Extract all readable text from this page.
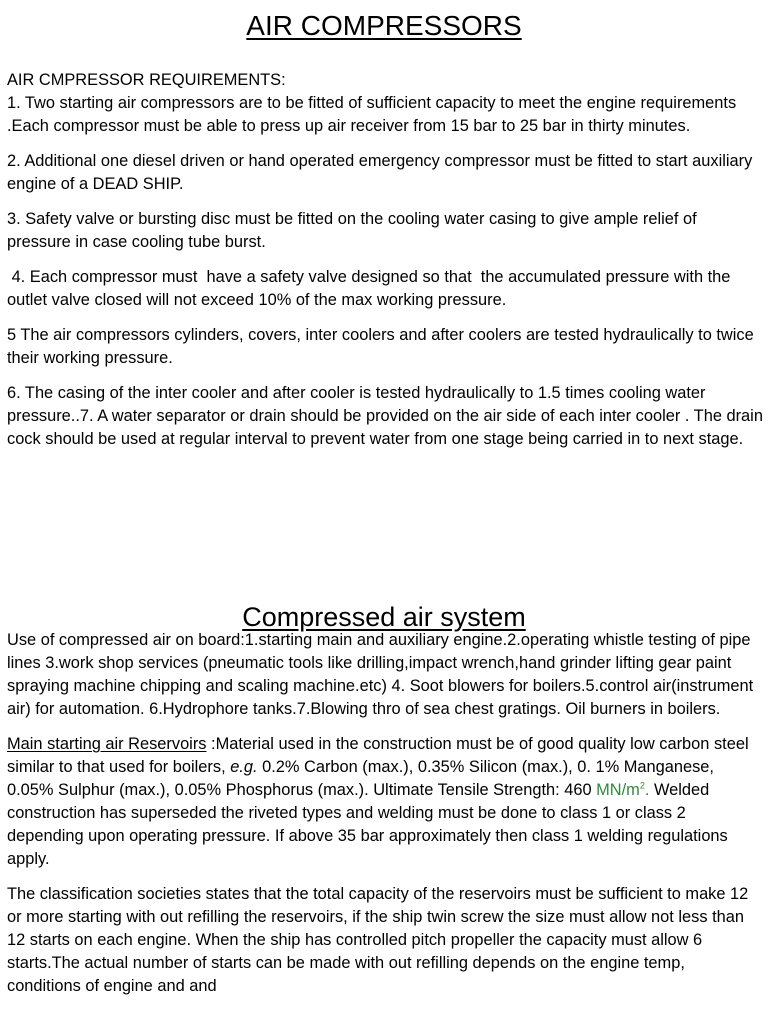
AIR COMPRESSORS

AIR CMPRESSOR REQUIREMENTS:
1. Two starting air compressors are to be fitted of sufficient capacity to meet the engine requirements .Each compressor must be able to press up air receiver from 15 bar to 25 bar in thirty minutes.

2. Additional one diesel driven or hand operated emergency compressor must be fitted to start auxiliary engine of a DEAD SHIP.

3. Safety valve or bursting disc must be fitted on the cooling water casing to give ample relief of pressure in case cooling tube burst.

4. Each compressor must  have a safety valve designed so that  the accumulated pressure with the outlet valve closed will not exceed 10% of the max working pressure.

5 The air compressors cylinders, covers, inter coolers and after coolers are tested hydraulically to twice their working pressure.

6. The casing of the inter cooler and after cooler is tested hydraulically to 1.5 times cooling water pressure..7. A water separator or drain should be provided on the air side of each inter cooler . The drain cock should be used at regular interval to prevent water from one stage being carried in to next stage.

Compressed air system

Use of compressed air on board:1.starting main and auxiliary engine.2.operating whistle testing of pipe lines 3.work shop services (pneumatic tools like drilling,impact wrench,hand grinder lifting gear paint spraying machine chipping and scaling machine.etc) 4. Soot blowers for boilers.5.control air(instrument air) for automation. 6.Hydrophore tanks.7.Blowing thro of sea chest gratings. Oil burners in boilers.

Main starting air Reservoirs :Material used in the construction must be of good quality low carbon steel similar to that used for boilers, e.g. 0.2% Carbon (max.), 0.35% Silicon (max.), 0. 1% Manganese, 0.05% Sulphur (max.), 0.05% Phosphorus (max.). Ultimate Tensile Strength: 460 $MN/m^2$. Welded construction has superseded the riveted types and welding must be done to class 1 or class 2 depending upon operating pressure. If above 35 bar approximately then class 1 welding regulations apply.

The classification societies states that the total capacity of the reservoirs must be sufficient to make 12 or more starting with out refilling the reservoirs, if the ship twin screw the size must allow not less than 12 starts on each engine. When the ship has controlled pitch propeller the capacity must allow 6 starts.The actual number of starts can be made with out refilling depends on the engine temp, conditions of engine and and
